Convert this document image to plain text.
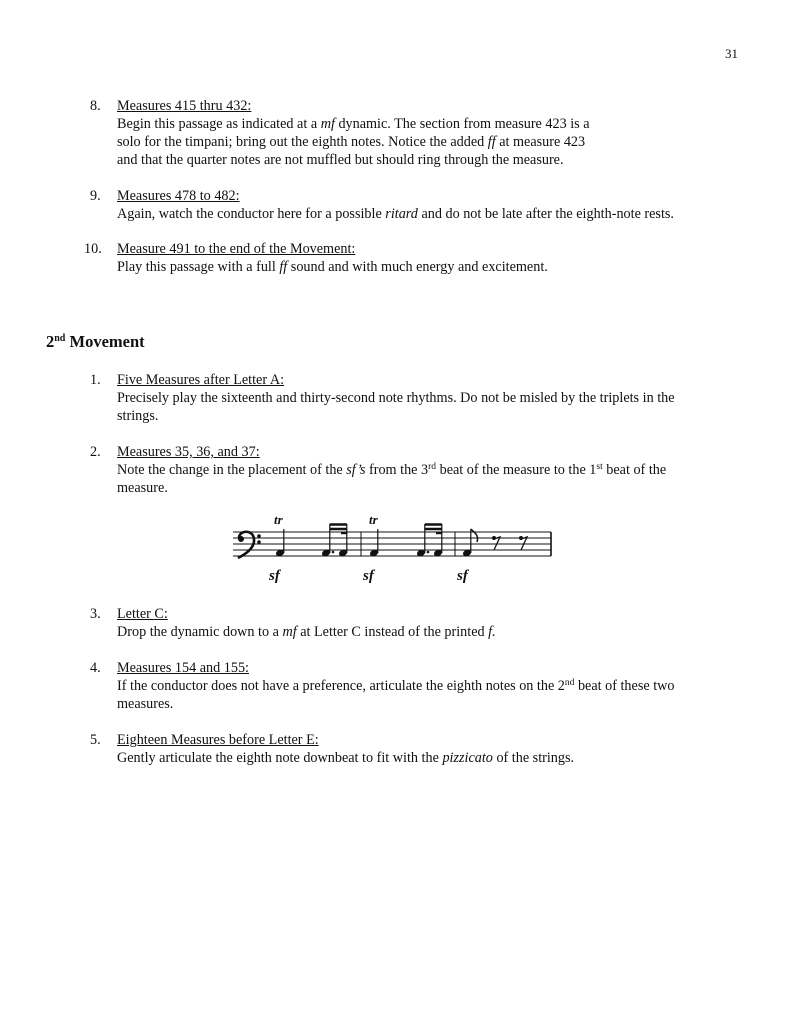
31
8. Measures 415 thru 432:
Begin this passage as indicated at a mf dynamic. The section from measure 423 is a
solo for the timpani; bring out the eighth notes. Notice the added ff at measure 423
and that the quarter notes are not muffled but should ring through the measure.
9. Measures 478 to 482:
Again, watch the conductor here for a possible ritard and do not be late after the eighth-note rests.
10. Measure 491 to the end of the Movement:
Play this passage with a full ff sound and with much energy and excitement.
2nd Movement
1. Five Measures after Letter A:
Precisely play the sixteenth and thirty-second note rhythms. Do not be misled by the triplets in the
strings.
2. Measures 35, 36, and 37:
Note the change in the placement of the sf’s from the 3rd beat of the measure to the 1st beat of the
measure.
tr
sf
tr
sf	sf
3. Letter C:
Drop the dynamic down to a mf at Letter C instead of the printed f.
4. Measures 154 and 155:
If the conductor does not have a preference, articulate the eighth notes on the 2nd beat of these two
measures.
5. Eighteen Measures before Letter E:
Gently articulate the eighth note downbeat to fit with the pizzicato of the strings.
